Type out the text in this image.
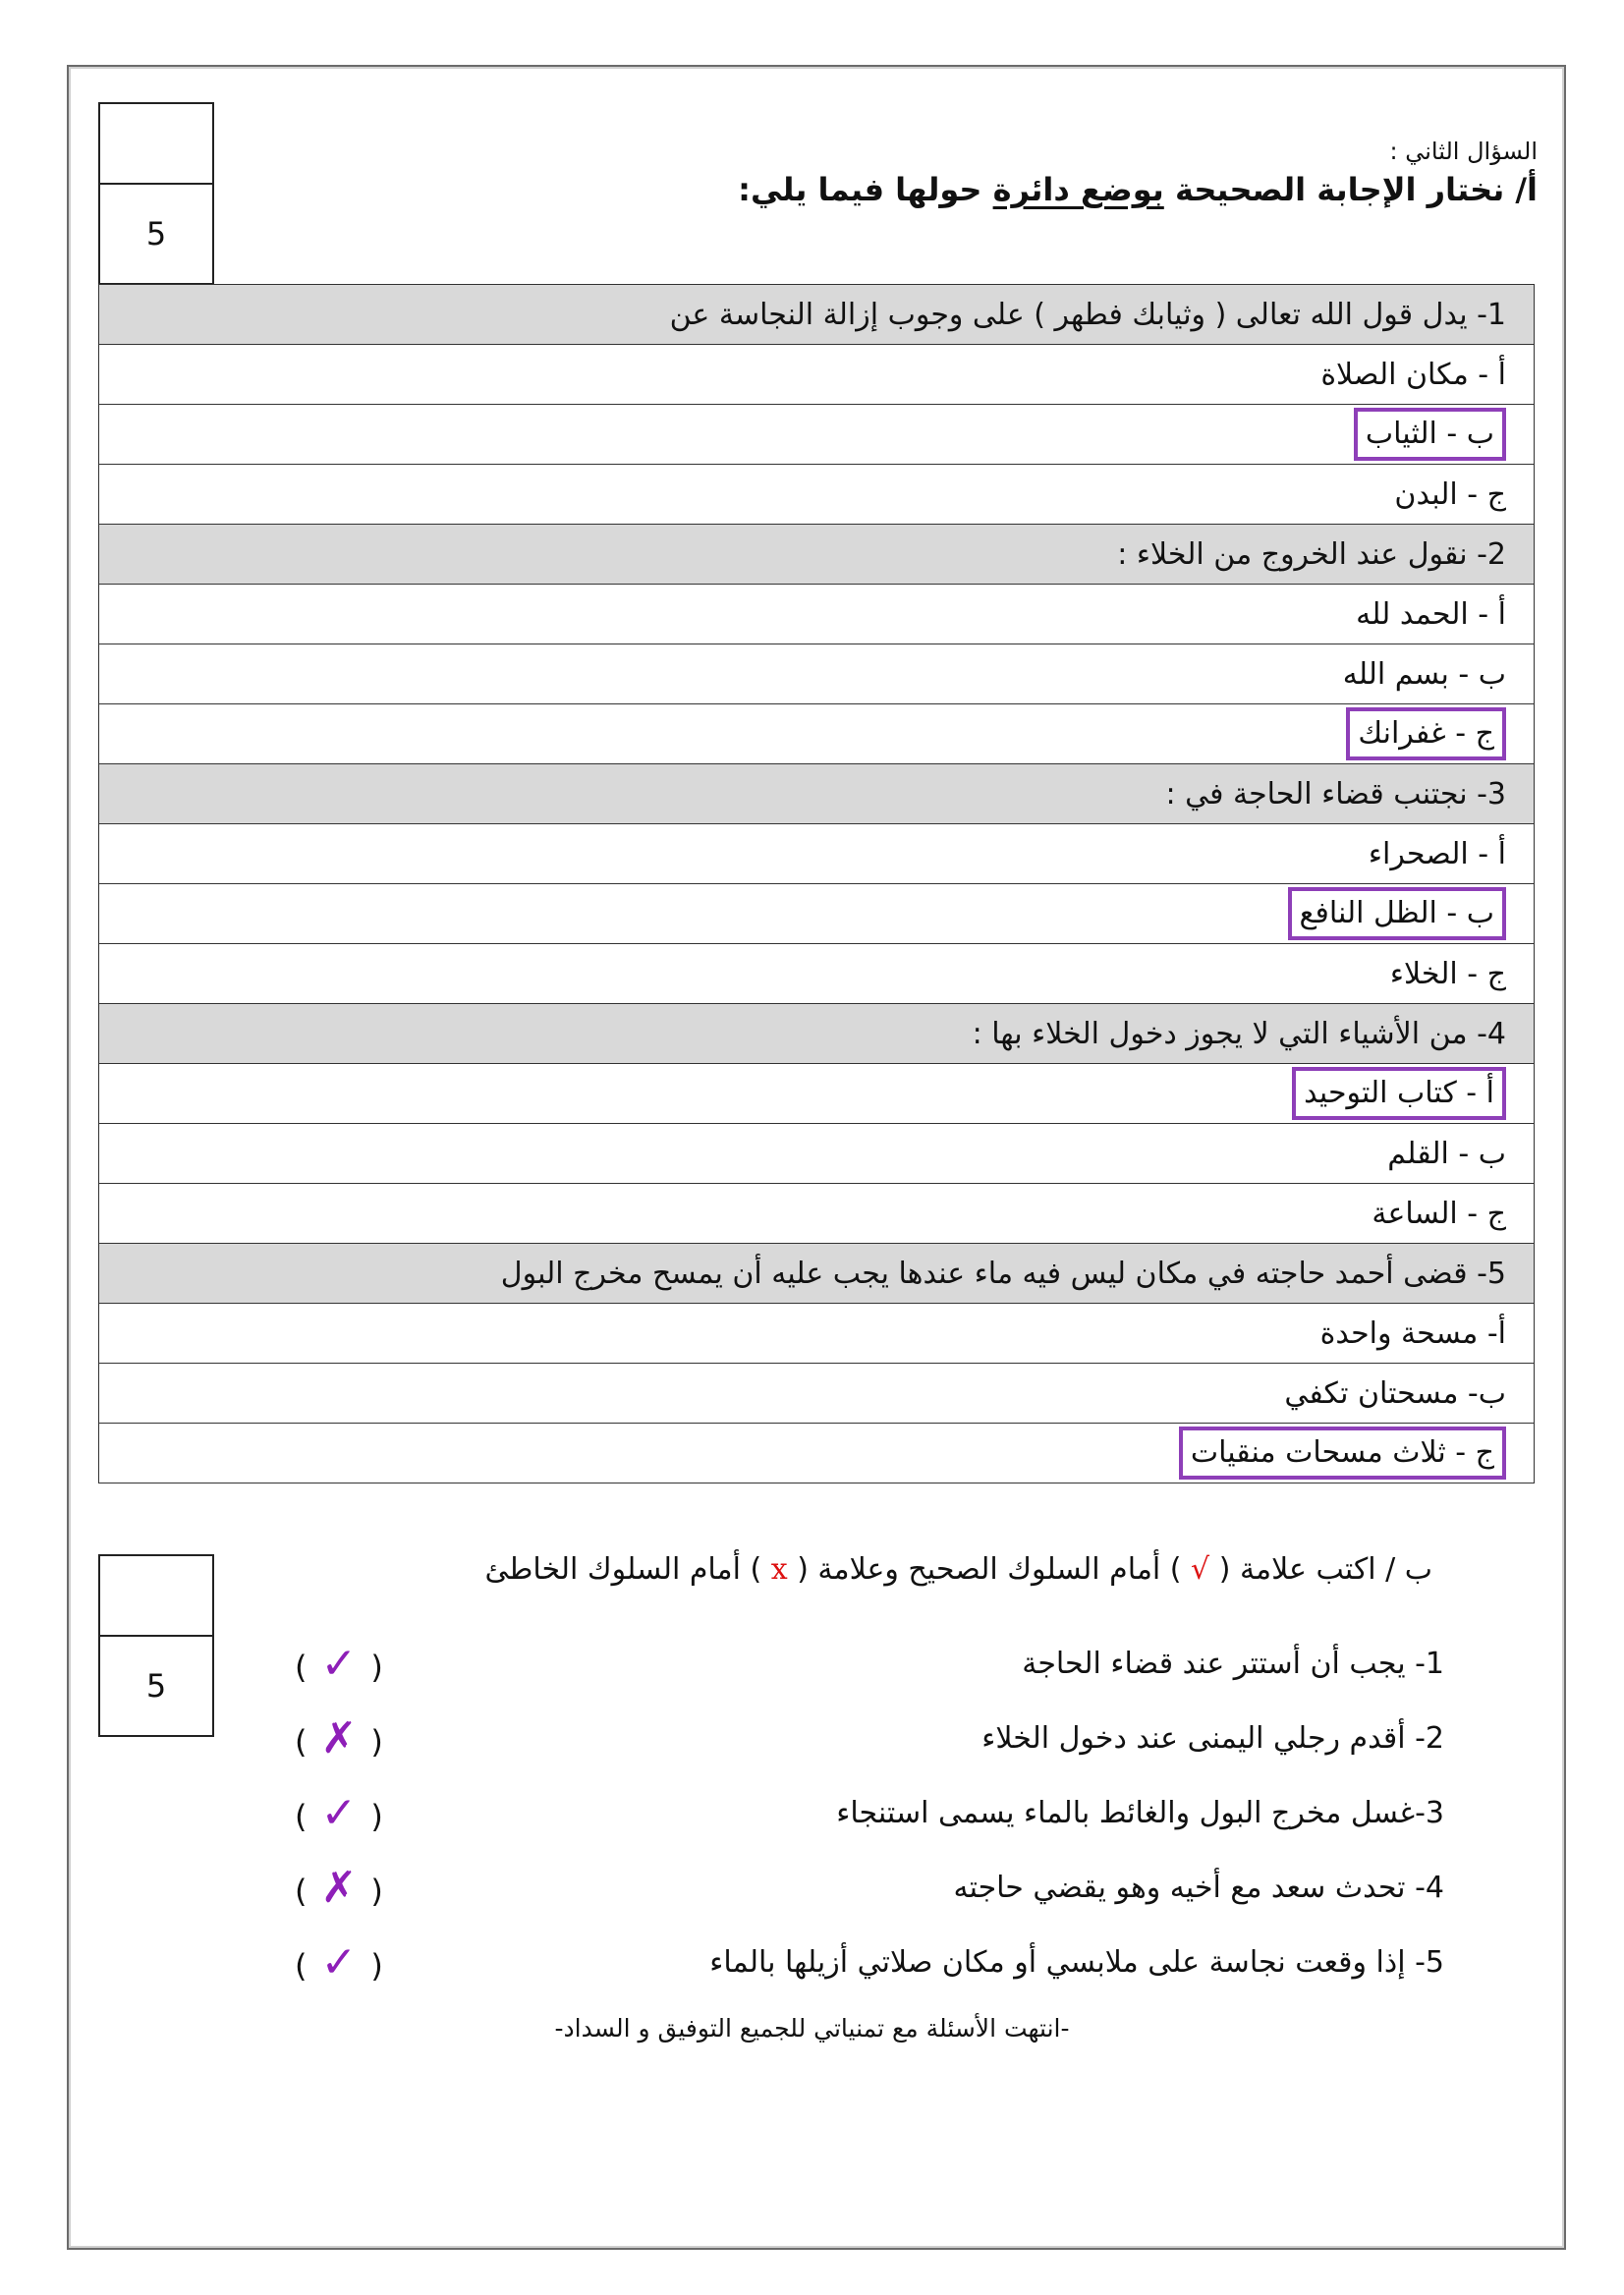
5
السؤال الثاني :
أ/ نختار الإجابة الصحيحة بوضع دائرة حولها فيما يلي:
1- يدل قول الله تعالى ( وثيابك فطهر ) على وجوب إزالة النجاسة عن
أ - مكان الصلاة
ب - الثياب
ج - البدن
2- نقول عند الخروج من الخلاء :
أ - الحمد لله
ب - بسم الله
ج - غفرانك
3- نجتنب قضاء الحاجة في :
أ - الصحراء
ب - الظل النافع
ج - الخلاء
4- من الأشياء التي لا يجوز دخول الخلاء بها :
أ - كتاب التوحيد
ب - القلم
ج - الساعة
5- قضى أحمد حاجته في مكان ليس فيه ماء عندها يجب عليه أن يمسح مخرج البول
أ- مسحة واحدة
ب- مسحتان تكفي
ج - ثلاث مسحات منقيات
5
ب / اكتب علامة ( √ ) أمام السلوك الصحيح وعلامة ( x ) أمام السلوك الخاطئ
1- يجب أن أستتر عند قضاء الحاجة
(✓)
2- أقدم رجلي اليمنى عند دخول الخلاء
(✗)
3-غسل مخرج البول والغائط بالماء يسمى استنجاء
(✓)
4- تحدث سعد مع أخيه وهو يقضي حاجته
(✗)
5- إذا وقعت نجاسة على ملابسي أو مكان صلاتي أزيلها بالماء
(✓)
-انتهت الأسئلة مع تمنياتي للجميع التوفيق و السداد-
